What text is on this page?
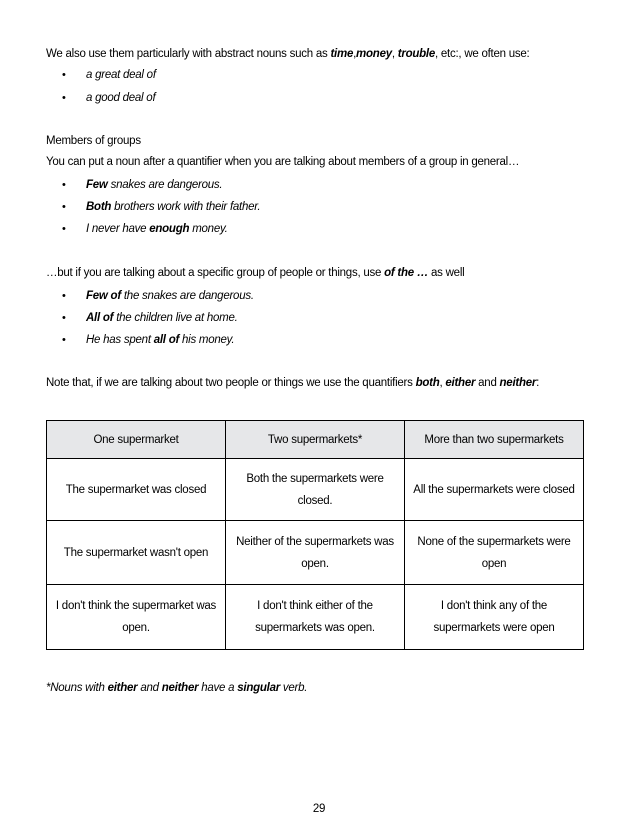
We also use them particularly with abstract nouns such as time,money, trouble, etc:, we often use:
• a great deal of
• a good deal of
Members of groups
You can put a noun after a quantifier when you are talking about members of a group in general…
• Few snakes are dangerous.
• Both brothers work with their father.
• I never have enough money.
…but if you are talking about a specific group of people or things, use of the … as well
• Few of the snakes are dangerous.
• All of the children live at home.
• He has spent all of his money.
Note that, if we are talking about two people or things we use the quantifiers both, either and neither:
One supermarket	Two supermarkets*	More than two supermarkets
The supermarket was closed	Both the supermarkets were closed.	All the supermarkets were closed
The supermarket wasn't open	Neither of the supermarkets was open.	None of the supermarkets were open
I don't think the supermarket was open.	I don't think either of the supermarkets was open.	I don't think any of the supermarkets were open
*Nouns with either and neither have a singular verb.
29
